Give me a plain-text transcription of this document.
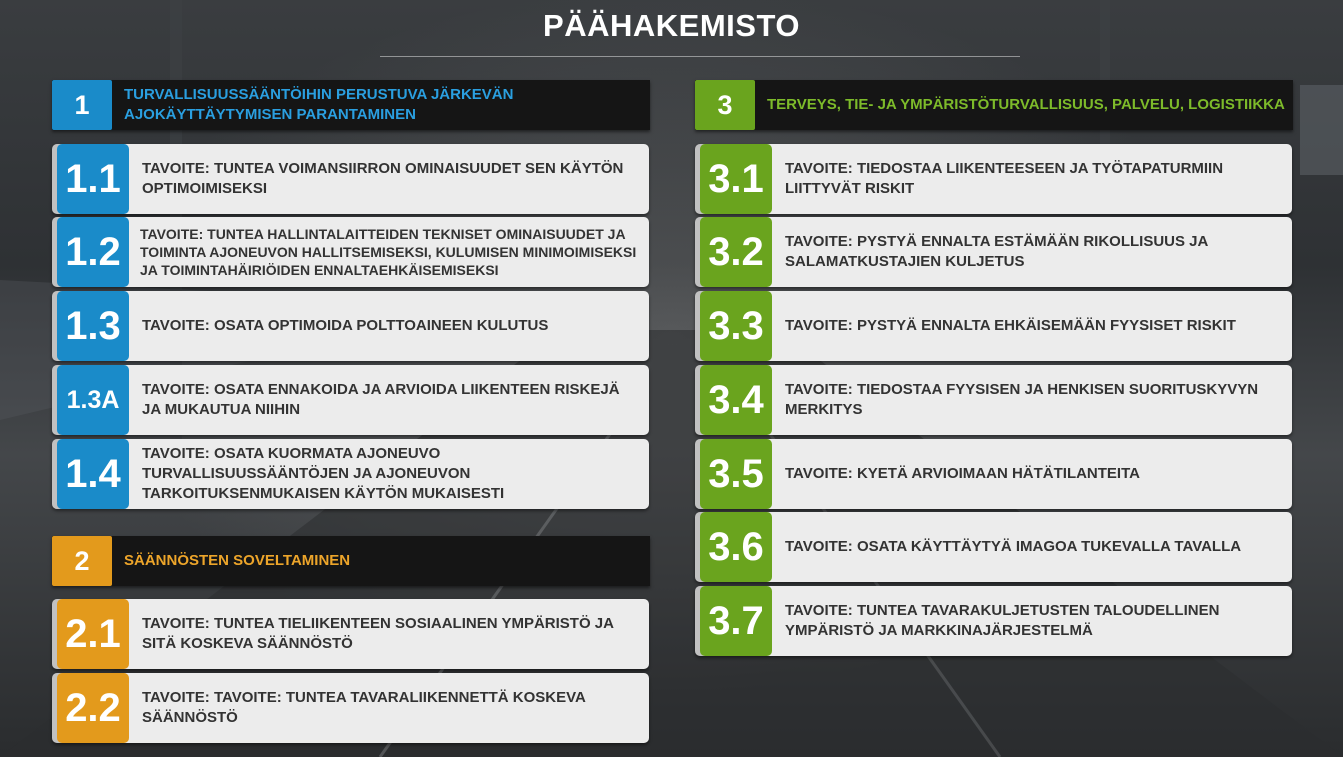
PÄÄHAKEMISTO
1	TURVALLISUUSSÄÄNTÖIHIN PERUSTUVA JÄRKEVÄN AJOKÄYTTÄYTYMISEN PARANTAMINEN
1.1	TAVOITE: TUNTEA VOIMANSIIRRON OMINAISUUDET SEN KÄYTÖN OPTIMOIMISEKSI
1.2	TAVOITE: TUNTEA HALLINTALAITTEIDEN TEKNISET OMINAISUUDET JA TOIMINTA AJONEUVON HALLITSEMISEKSI, KULUMISEN MINIMOIMISEKSI JA TOIMINTAHÄIRIÖIDEN ENNALTAEHKÄISEMISEKSI
1.3	TAVOITE: OSATA OPTIMOIDA POLTTOAINEEN KULUTUS
1.3A	TAVOITE: OSATA ENNAKOIDA JA ARVIOIDA LIIKENTEEN RISKEJÄ JA MUKAUTUA NIIHIN
1.4	TAVOITE: OSATA KUORMATA AJONEUVO TURVALLISUUSSÄÄNTÖJEN JA AJONEUVON TARKOITUKSENMUKAISEN KÄYTÖN MUKAISESTI
2	SÄÄNNÖSTEN SOVELTAMINEN
2.1	TAVOITE: TUNTEA TIELIIKENTEEN SOSIAALINEN YMPÄRISTÖ JA SITÄ KOSKEVA SÄÄNNÖSTÖ
2.2	TAVOITE: TAVOITE: TUNTEA TAVARALIIKENNETTÄ KOSKEVA SÄÄNNÖSTÖ
3	TERVEYS, TIE- JA YMPÄRISTÖTURVALLISUUS, PALVELU, LOGISTIIKKA
3.1	TAVOITE: TIEDOSTAA LIIKENTEESEEN JA TYÖTAPATURMIIN LIITTYVÄT RISKIT
3.2	TAVOITE: PYSTYÄ ENNALTA ESTÄMÄÄN RIKOLLISUUS JA SALAMATKUSTAJIEN KULJETUS
3.3	TAVOITE: PYSTYÄ ENNALTA EHKÄISEMÄÄN FYYSISET RISKIT
3.4	TAVOITE: TIEDOSTAA FYYSISEN JA HENKISEN SUORITUSKYVYN MERKITYS
3.5	TAVOITE: KYETÄ ARVIOIMAAN HÄTÄTILANTEITA
3.6	TAVOITE: OSATA KÄYTTÄYTYÄ IMAGOA TUKEVALLA TAVALLA
3.7	TAVOITE: TUNTEA TAVARAKULJETUSTEN TALOUDELLINEN YMPÄRISTÖ JA MARKKINAJÄRJESTELMÄ
